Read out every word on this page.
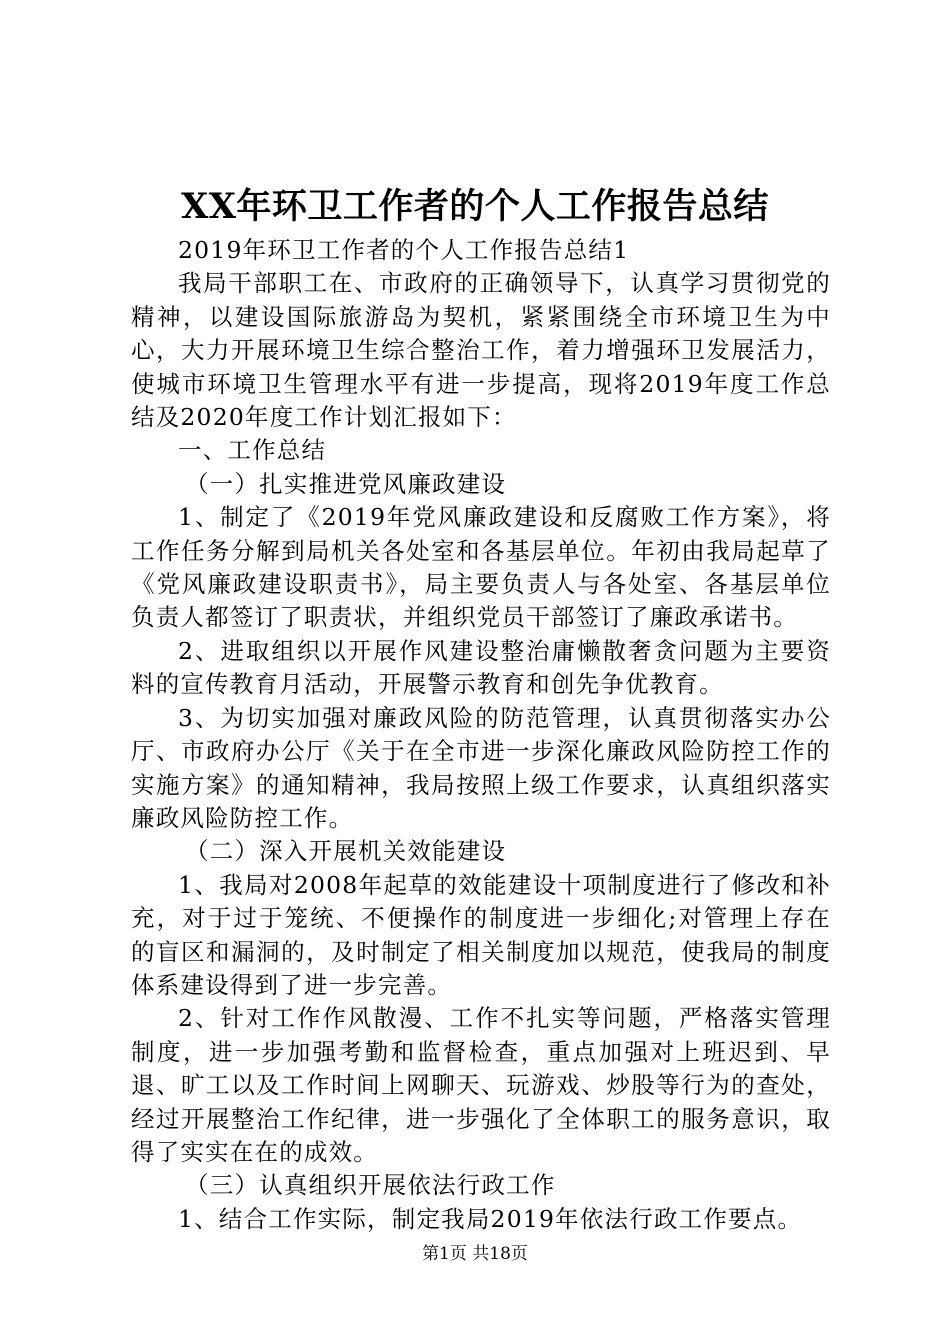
XX年环卫工作者的个人工作报告总结

2019年环卫工作者的个人工作报告总结1

我局干部职工在、市政府的正确领导下，认真学习贯彻党的精神，以建设国际旅游岛为契机，紧紧围绕全市环境卫生为中心，大力开展环境卫生综合整治工作，着力增强环卫发展活力，使城市环境卫生管理水平有进一步提高，现将2019年度工作总结及2020年度工作计划汇报如下：

一、工作总结

（一）扎实推进党风廉政建设

1、制定了《2019年党风廉政建设和反腐败工作方案》，将工作任务分解到局机关各处室和各基层单位。年初由我局起草了《党风廉政建设职责书》，局主要负责人与各处室、各基层单位负责人都签订了职责状，并组织党员干部签订了廉政承诺书。

2、进取组织以开展作风建设整治庸懒散奢贪问题为主要资料的宣传教育月活动，开展警示教育和创先争优教育。

3、为切实加强对廉政风险的防范管理，认真贯彻落实办公厅、市政府办公厅《关于在全市进一步深化廉政风险防控工作的实施方案》的通知精神，我局按照上级工作要求，认真组织落实廉政风险防控工作。

（二）深入开展机关效能建设

1、我局对2008年起草的效能建设十项制度进行了修改和补充，对于过于笼统、不便操作的制度进一步细化;对管理上存在的盲区和漏洞的，及时制定了相关制度加以规范，使我局的制度体系建设得到了进一步完善。

2、针对工作作风散漫、工作不扎实等问题，严格落实管理制度，进一步加强考勤和监督检查，重点加强对上班迟到、早退、旷工以及工作时间上网聊天、玩游戏、炒股等行为的查处，经过开展整治工作纪律，进一步强化了全体职工的服务意识，取得了实实在在的成效。

（三）认真组织开展依法行政工作

1、结合工作实际，制定我局2019年依法行政工作要点。

第1页 共18页
